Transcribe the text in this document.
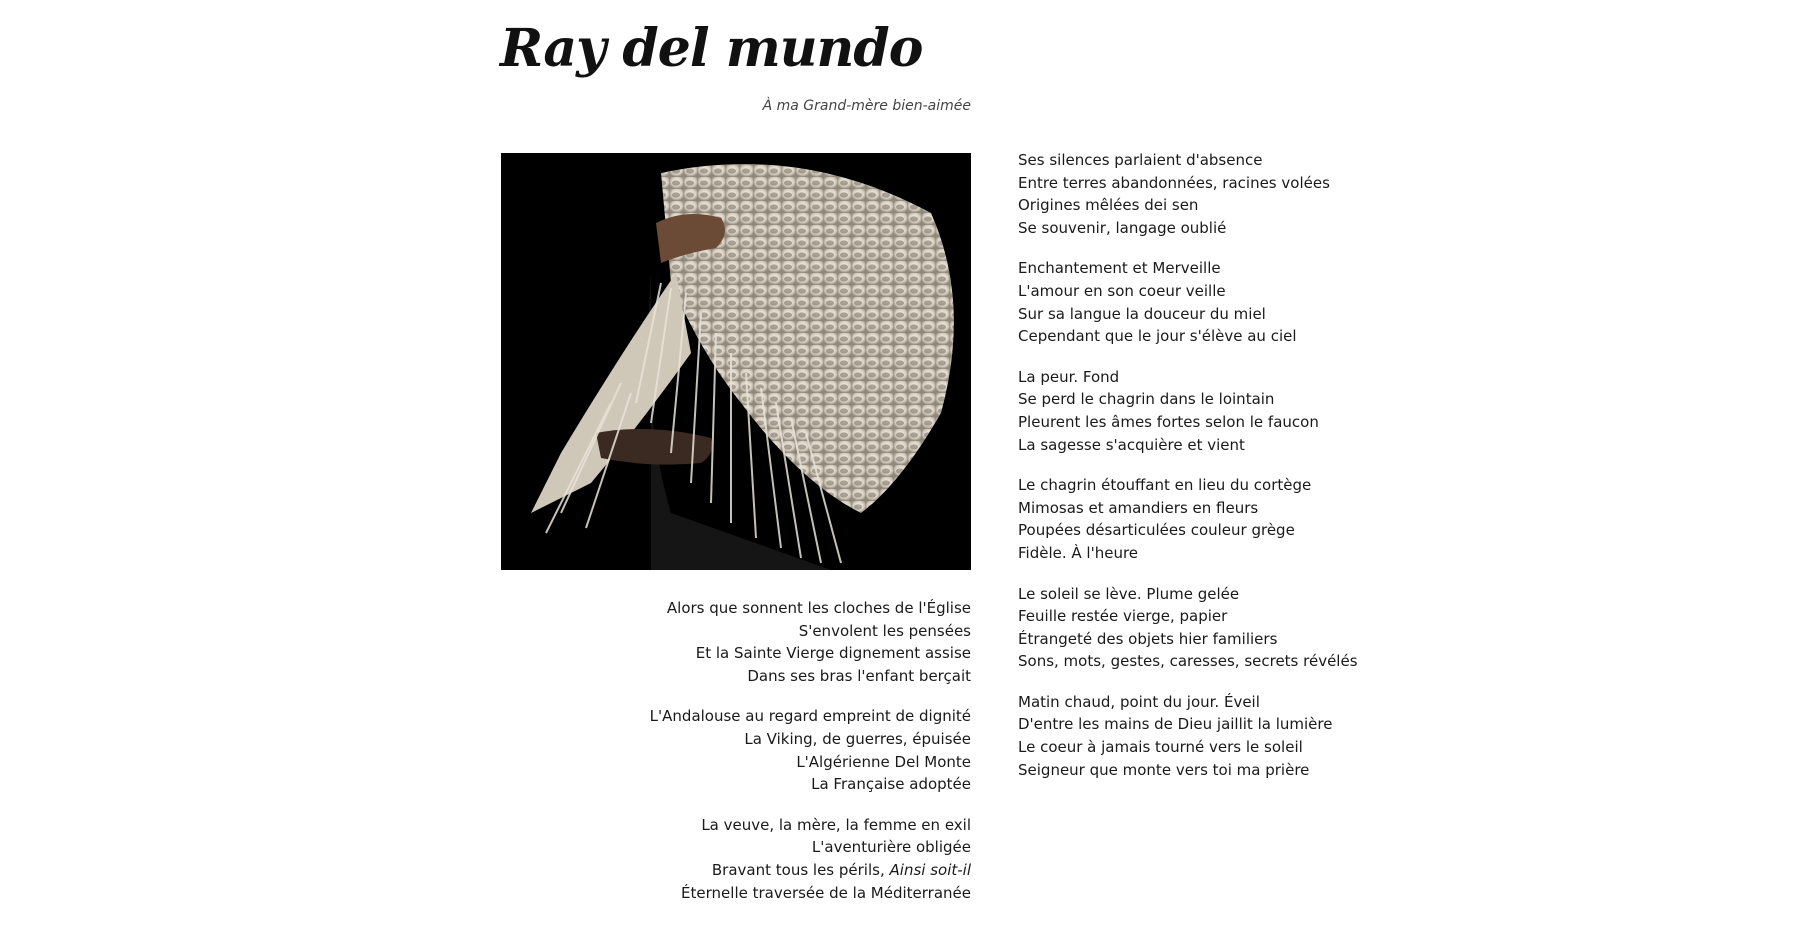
Ray del mundo
À ma Grand-mère bien-aimée
Alors que sonnent les cloches de l'Église
S'envolent les pensées
Et la Sainte Vierge dignement assise
Dans ses bras l'enfant berçait
L'Andalouse au regard empreint de dignité
La Viking, de guerres, épuisée
L'Algérienne Del Monte
La Française adoptée
La veuve, la mère, la femme en exil
L'aventurière obligée
Bravant tous les périls, Ainsi soit-il
Éternelle traversée de la Méditerranée
Ses silences parlaient d'absence
Entre terres abandonnées, racines volées
Origines mêlées dei sen
Se souvenir, langage oublié
Enchantement et Merveille
L'amour en son coeur veille
Sur sa langue la douceur du miel
Cependant que le jour s'élève au ciel
La peur. Fond
Se perd le chagrin dans le lointain
Pleurent les âmes fortes selon le faucon
La sagesse s'acquière et vient
Le chagrin étouffant en lieu du cortège
Mimosas et amandiers en fleurs
Poupées désarticulées couleur grège
Fidèle. À l'heure
Le soleil se lève. Plume gelée
Feuille restée vierge, papier
Étrangeté des objets hier familiers
Sons, mots, gestes, caresses, secrets révélés
Matin chaud, point du jour. Éveil
D'entre les mains de Dieu jaillit la lumière
Le coeur à jamais tourné vers le soleil
Seigneur que monte vers toi ma prière
